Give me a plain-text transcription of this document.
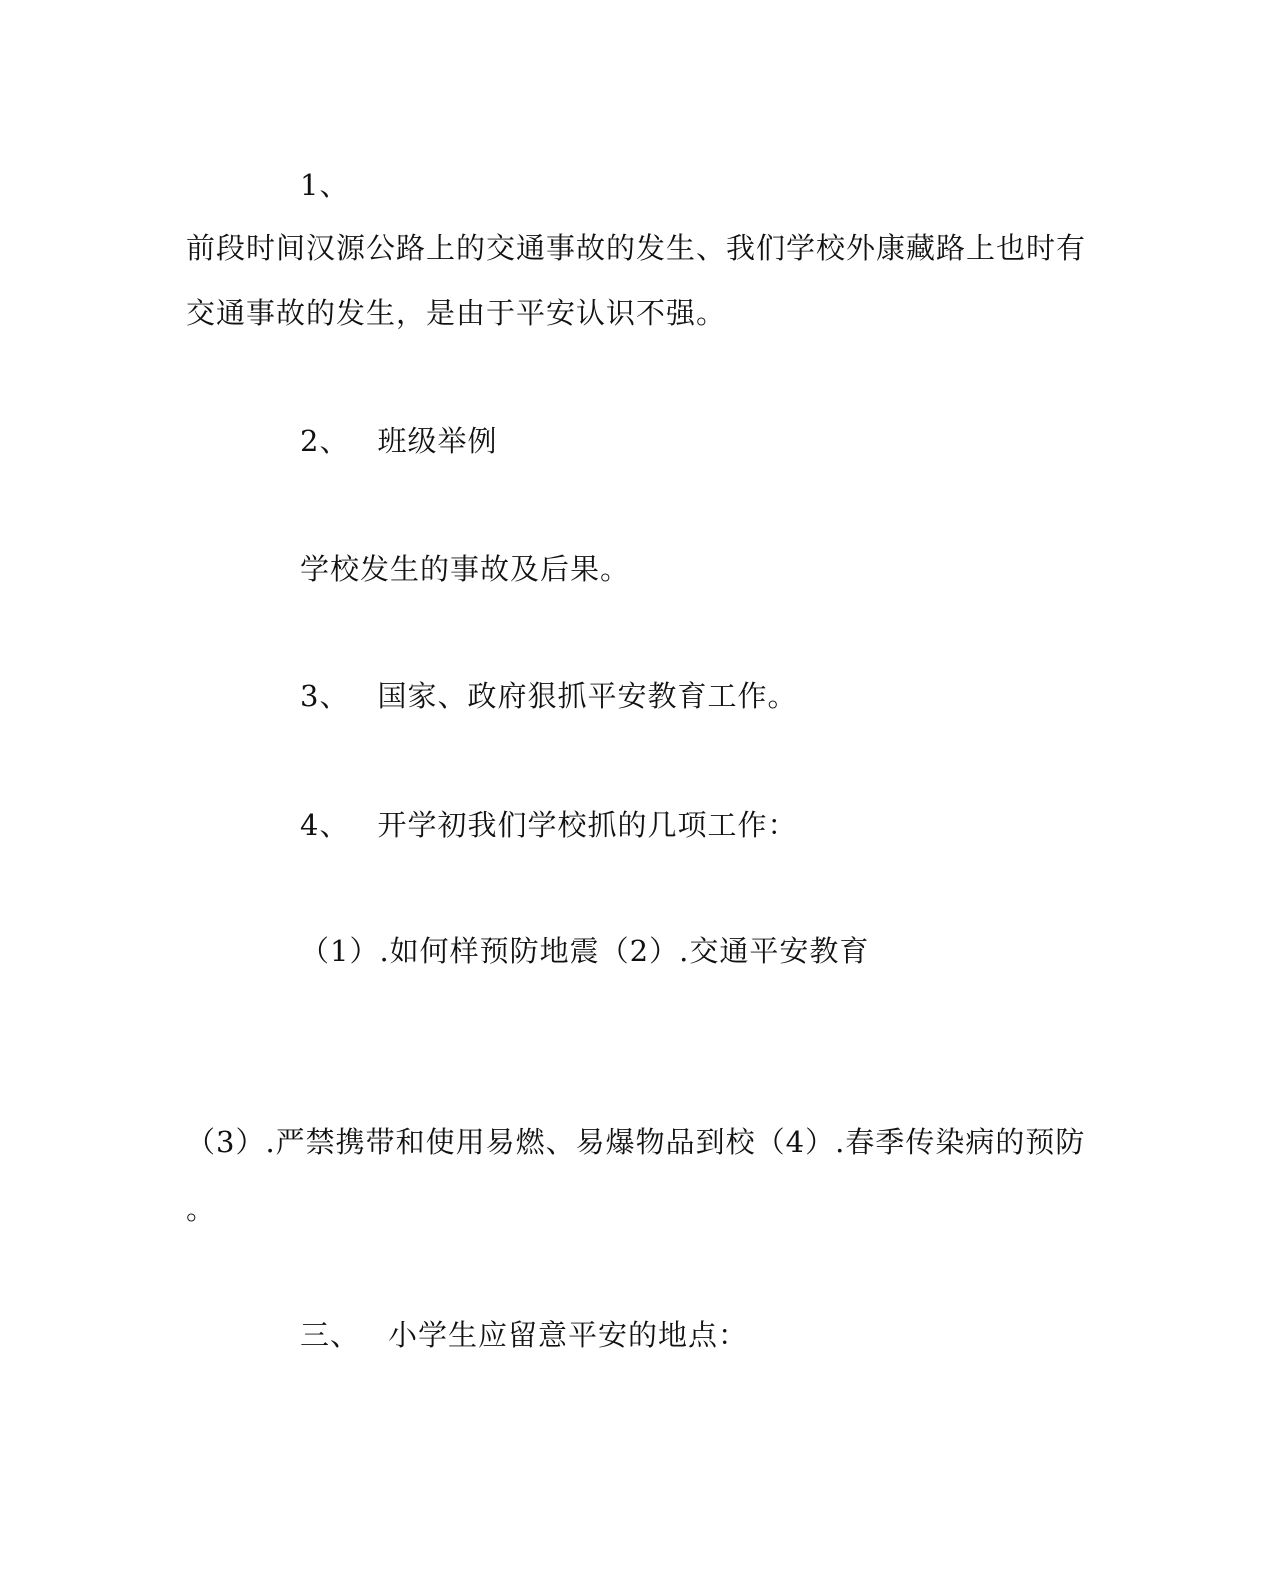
1、
前段时间汉源公路上的交通事故的发生、我们学校外康藏路上也时有
交通事故的发生，是由于平安认识不强。
2、 班级举例
学校发生的事故及后果。
3、 国家、政府狠抓平安教育工作。
4、 开学初我们学校抓的几项工作：
（1）.如何样预防地震（2）.交通平安教育
（3）.严禁携带和使用易燃、易爆物品到校（4）.春季传染病的预防
。
三、 小学生应留意平安的地点：
